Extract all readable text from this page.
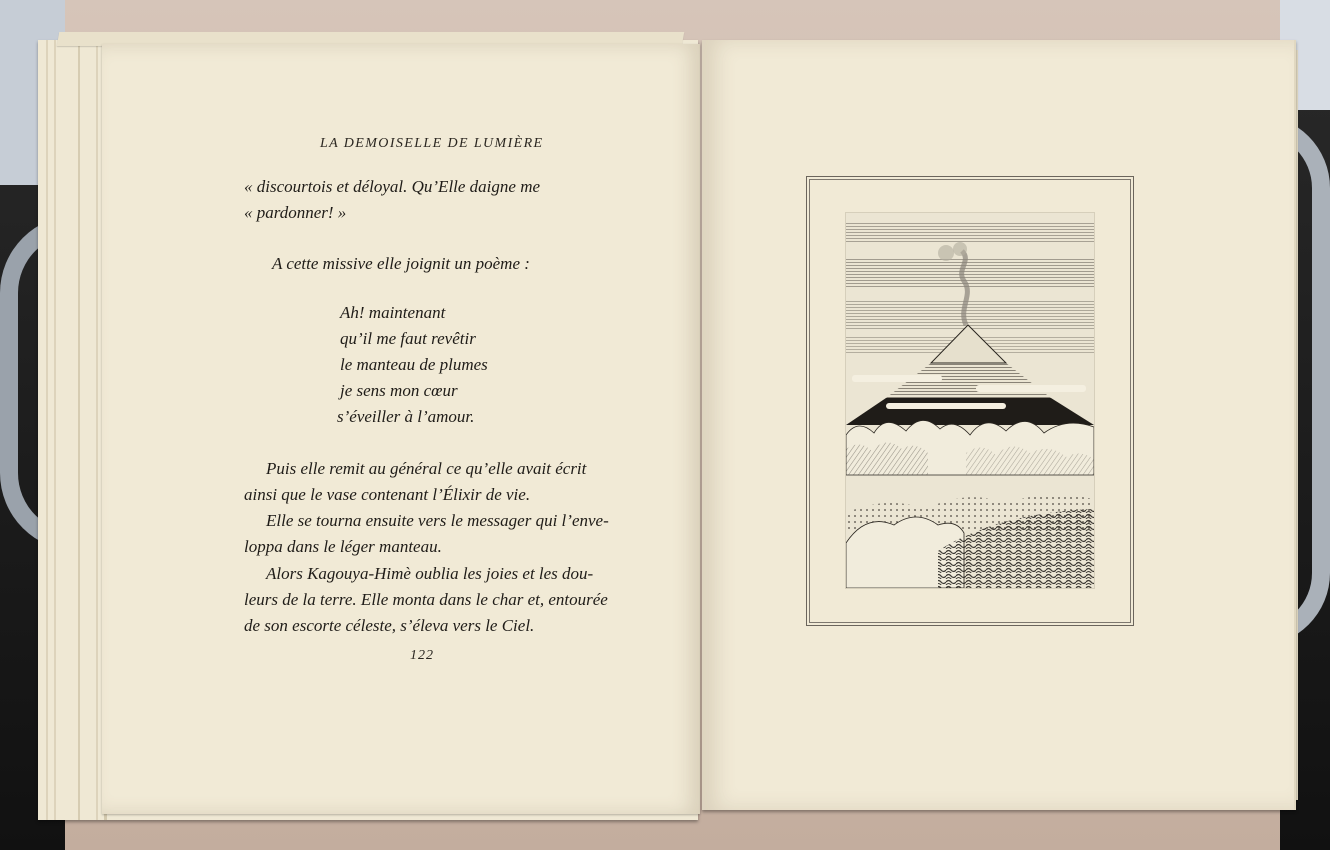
LA DEMOISELLE DE LUMIÈRE
« discourtois et déloyal. Qu’Elle daigne me
« pardonner! »
A cette missive elle joignit un poème :
Ah! maintenant
qu’il me faut revêtir
le manteau de plumes
je sens mon cœur
s’éveiller à l’amour.
Puis elle remit au général ce qu’elle avait écrit
ainsi que le vase contenant l’Élixir de vie.
Elle se tourna ensuite vers le messager qui l’enve-
loppa dans le léger manteau.
Alors Kagouya-Himè oublia les joies et les dou-
leurs de la terre. Elle monta dans le char et, entourée
de son escorte céleste, s’éleva vers le Ciel.
122
